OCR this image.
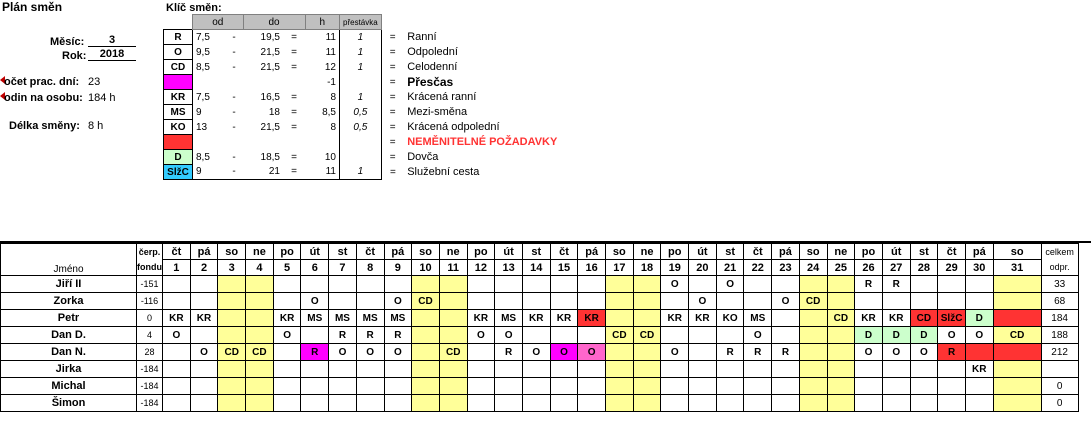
Plán směn
Měsíc:	3
Rok:	2018
očet prac. dní: 23
odin na osobu: 184 h
Délka směny: 8 h
Klíč směn:
	od		do		h	přestávka		
R	7,5	-	19,5	=	11	1	=	Ranní
O	9,5	-	21,5	=	11	1	=	Odpolední
CD	8,5	-	21,5	=	12	1	=	Celodenní
					-1		=	Přesčas
KR	7,5	-	16,5	=	8	1	=	Krácená ranní
MS	9	-	18	=	8,5	0,5	=	Mezi-směna
KO	13	-	21,5	=	8	0,5	=	Krácená odpolední
							=	NEMĚNITELNÉ POŽADAVKY
D	8,5	-	18,5	=	10		=	Dovča
SlžC	9	-	21	=	11	1	=	Služební cesta
Jméno	čerp.	čt	pá	so	ne	po	út	st	čt	pá	so	ne	po	út	st	čt	pá	so	ne	po	út	st	čt	pá	so	ne	po	út	st	čt	pá	so	celkem
	fondu	1	2	3	4	5	6	7	8	9	10	11	12	13	14	15	16	17	18	19	20	21	22	23	24	25	26	27	28	29	30	31	odpr.
Jiří II	-151																			O		O					R	R					33
Zorka	-116						O			O	CD										O			O	CD								68
Petr	0	KR	KR			KR	MS	MS	MS	MS			KR	MS	KR	KR	KR			KR	KR	KO	MS			CD	KR	KR	CD	SlžC	D		184
Dan D.	4	O				O		R	R	R			O	O				CD	CD				O				D	D	D	O	O	CD	188
Dan N.	28		O	CD	CD		R	O	O	O		CD		R	O	O	O			O		R	R	R			O	O	O	R			212
Jirka	-184																														KR		
Michal	-184																																0
Šimon	-184																																0
